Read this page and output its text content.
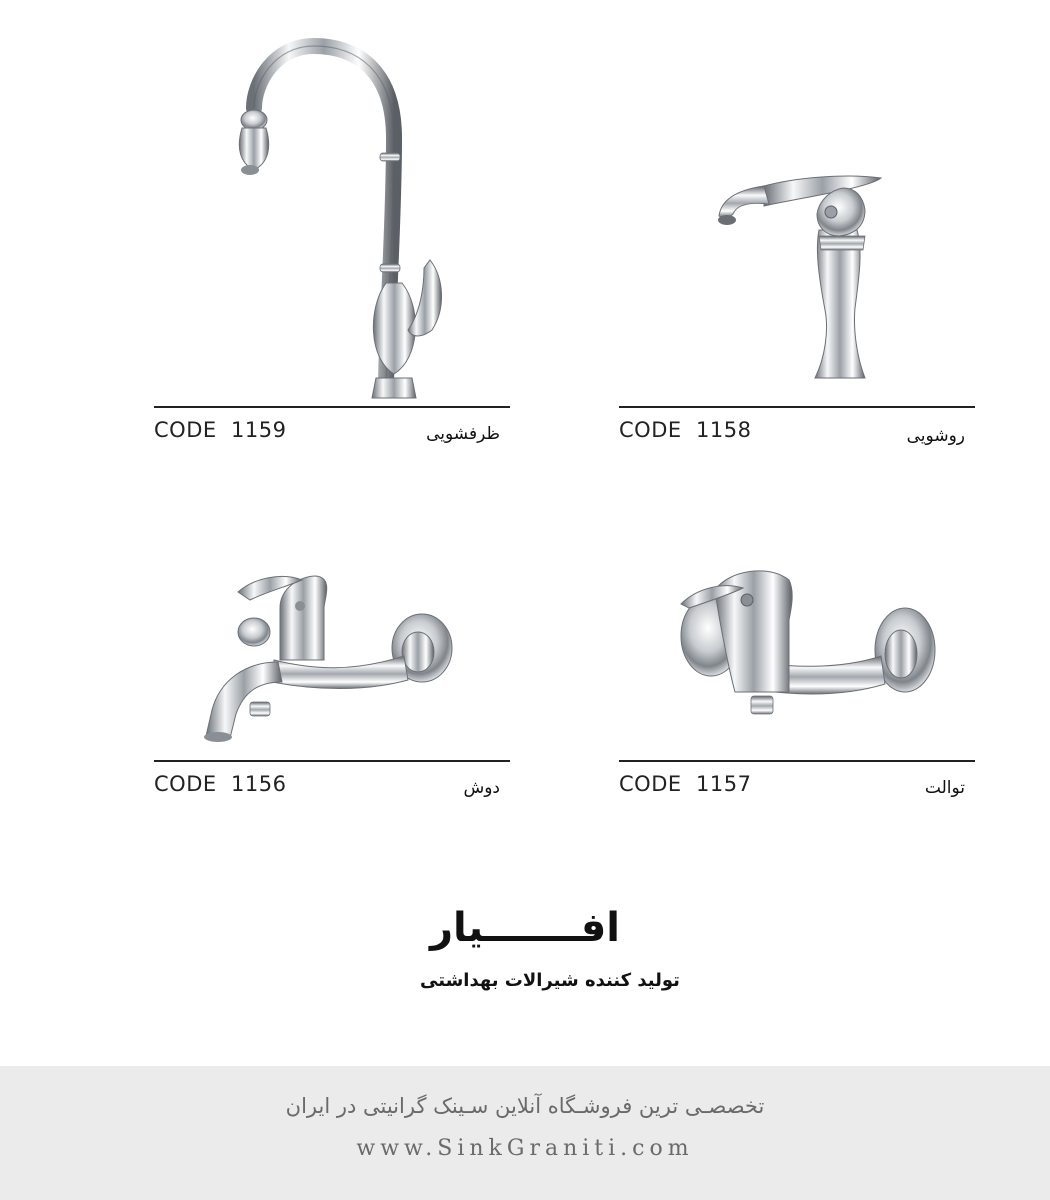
CODE  1159	ظرفشویی	CODE  1158	روشویی
CODE  1156	دوش	CODE  1157	توالت
افـــــــیار
تولید کننده شیرالات بهداشتی
تخصصـی ترین فروشـگاه آنلاین سـینک گرانیتی در ایران
www.SinkGraniti.com
